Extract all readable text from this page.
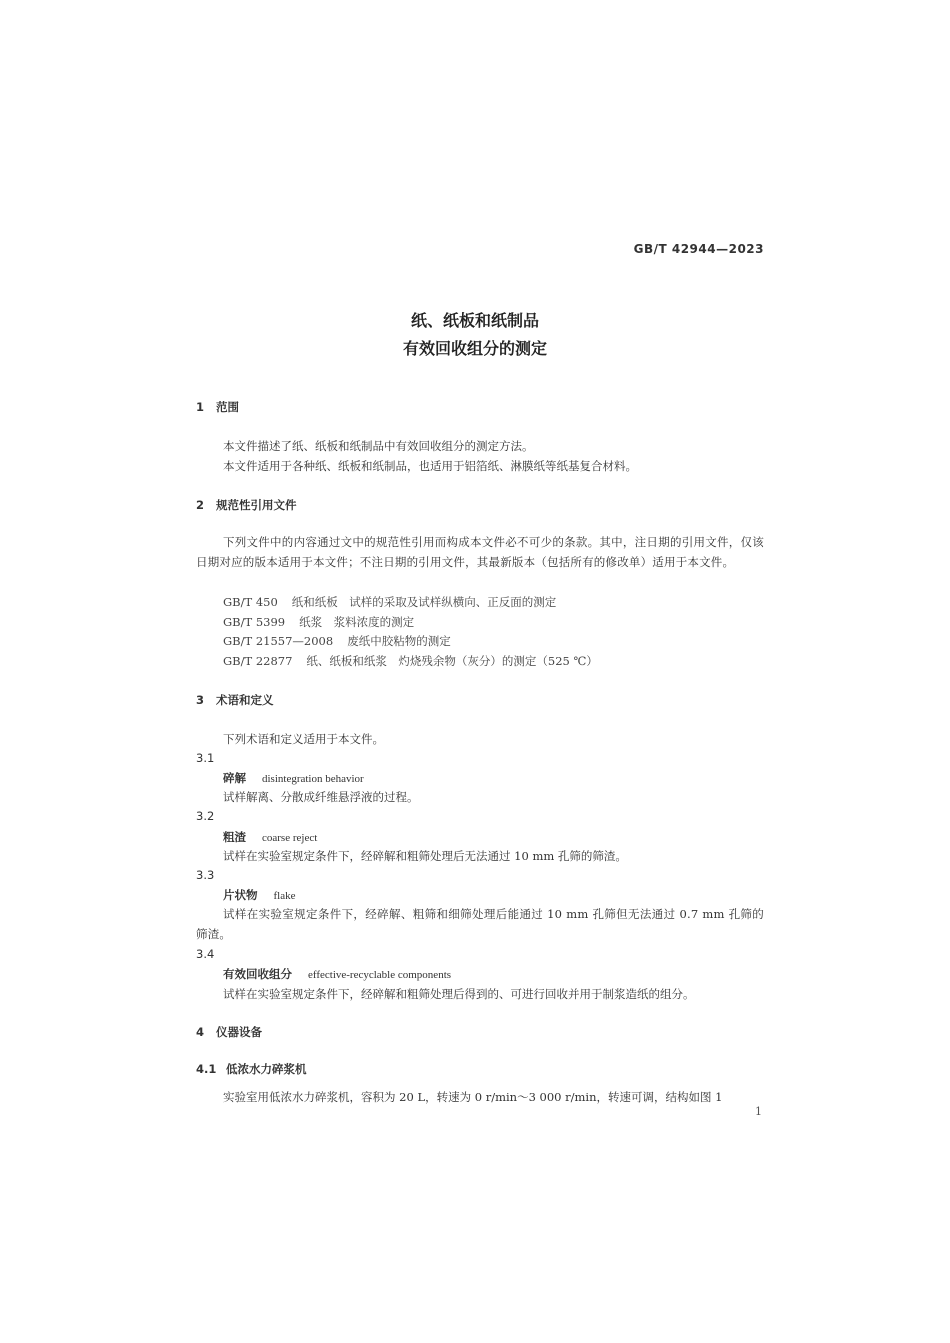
GB/T 42944—2023
纸、纸板和纸制品
有效回收组分的测定
1 范围
本文件描述了纸、纸板和纸制品中有效回收组分的测定方法。
本文件适用于各种纸、纸板和纸制品，也适用于铝箔纸、淋膜纸等纸基复合材料。
2 规范性引用文件
下列文件中的内容通过文中的规范性引用而构成本文件必不可少的条款。其中，注日期的引用文件，仅该日期对应的版本适用于本文件；不注日期的引用文件，其最新版本（包括所有的修改单）适用于本文件。
GB/T 450 纸和纸板　试样的采取及试样纵横向、正反面的测定
GB/T 5399 纸浆　浆料浓度的测定
GB/T 21557—2008 废纸中胶粘物的测定
GB/T 22877 纸、纸板和纸浆　灼烧残余物（灰分）的测定（525 ℃）
3 术语和定义
下列术语和定义适用于本文件。
3.1
碎解 disintegration behavior
试样解离、分散成纤维悬浮液的过程。
3.2
粗渣 coarse reject
试样在实验室规定条件下，经碎解和粗筛处理后无法通过 10 mm 孔筛的筛渣。
3.3
片状物 flake
试样在实验室规定条件下，经碎解、粗筛和细筛处理后能通过 10 mm 孔筛但无法通过 0.7 mm 孔筛的筛渣。
3.4
有效回收组分 effective-recyclable components
试样在实验室规定条件下，经碎解和粗筛处理后得到的、可进行回收并用于制浆造纸的组分。
4 仪器设备
4.1 低浓水力碎浆机
实验室用低浓水力碎浆机，容积为 20 L，转速为 0 r/min～3 000 r/min，转速可调，结构如图 1
1
